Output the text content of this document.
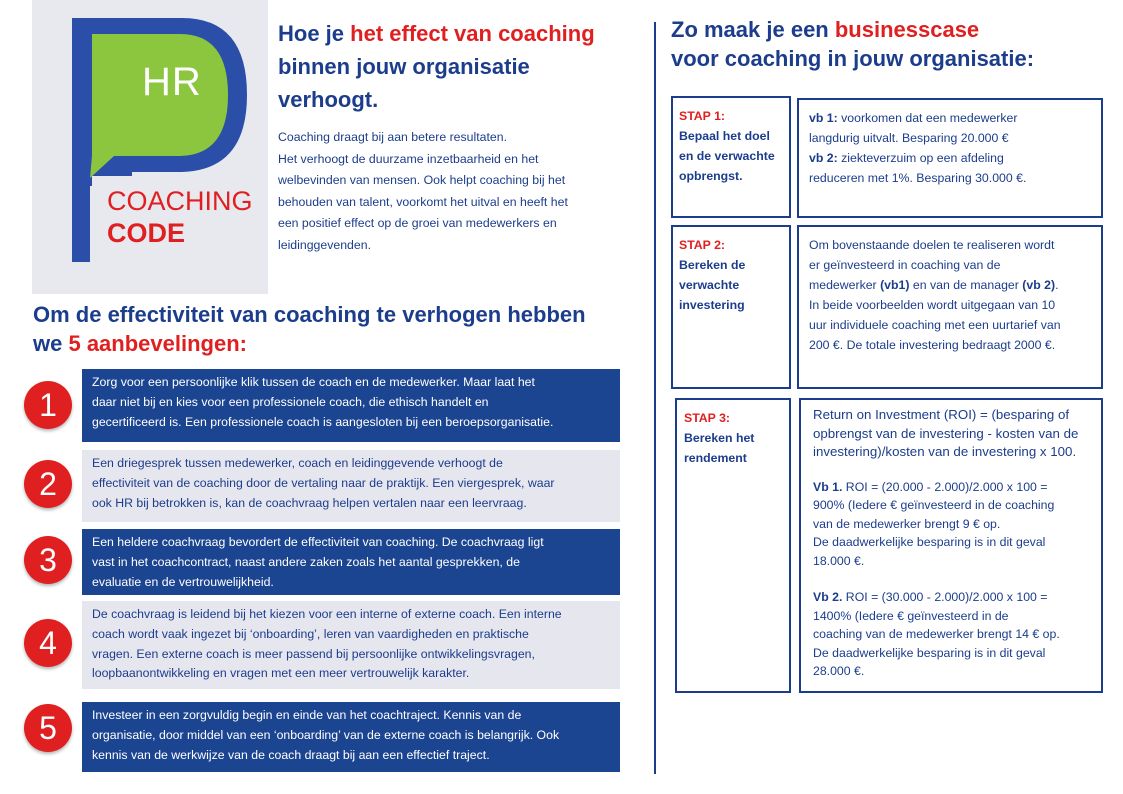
HR
COACHING
CODE
Hoe je het effect van coaching binnen jouw organisatie verhoogt.
Coaching draagt bij aan betere resultaten.
Het verhoogt de duurzame inzetbaarheid en het
welbevinden van mensen. Ook helpt coaching bij het
behouden van talent, voorkomt het uitval en heeft het
een positief effect op de groei van medewerkers en
leidinggevenden.
Om de effectiviteit van coaching te verhogen hebben we 5 aanbevelingen:
1
Zorg voor een persoonlijke klik tussen de coach en de medewerker. Maar laat het
daar niet bij en kies voor een professionele coach, die ethisch handelt en
gecertificeerd is. Een professionele coach is aangesloten bij een beroepsorganisatie.
2
Een driegesprek tussen medewerker, coach en leidinggevende verhoogt de
effectiviteit van de coaching door de vertaling naar de praktijk. Een viergesprek, waar
ook HR bij betrokken is, kan de coachvraag helpen vertalen naar een leervraag.
3	Een heldere coachvraag bevordert de effectiviteit van coaching. De coachvraag ligt
vast in het coachcontract, naast andere zaken zoals het aantal gesprekken, de
evaluatie en de vertrouwelijkheid.
4
De coachvraag is leidend bij het kiezen voor een interne of externe coach. Een interne
coach wordt vaak ingezet bij ‘onboarding’, leren van vaardigheden en praktische
vragen. Een externe coach is meer passend bij persoonlijke ontwikkelingsvragen,
loopbaanontwikkeling en vragen met een meer vertrouwelijk karakter.
5	Investeer in een zorgvuldig begin en einde van het coachtraject. Kennis van de
organisatie, door middel van een ‘onboarding’ van de externe coach is belangrijk. Ook
kennis van de werkwijze van de coach draagt bij aan een effectief traject.
Zo maak je een businesscase
voor coaching in jouw organisatie:
STAP 1:
Bepaal het doel
en de verwachte
opbrengst.
vb 1: voorkomen dat een medewerker
langdurig uitvalt. Besparing 20.000 €
vb 2: ziekteverzuim op een afdeling
reduceren met 1%. Besparing 30.000 €.
STAP 2:
Bereken de
verwachte
investering
Om bovenstaande doelen te realiseren wordt
er geïnvesteerd in coaching van de
medewerker (vb1) en van de manager (vb 2).
In beide voorbeelden wordt uitgegaan van 10
uur individuele coaching met een uurtarief van
200 €. De totale investering bedraagt 2000 €.
STAP 3:
Bereken het
rendement
Return on Investment (ROI) = (besparing of
opbrengst van de investering - kosten van de
investering)/kosten van de investering x 100.
Vb 1. ROI = (20.000 - 2.000)/2.000 x 100 =
900% (Iedere € geïnvesteerd in de coaching
van de medewerker brengt 9 € op.
De daadwerkelijke besparing is in dit geval
18.000 €.
Vb 2. ROI = (30.000 - 2.000)/2.000 x 100 =
1400% (Iedere € geïnvesteerd in de
coaching van de medewerker brengt 14 € op.
De daadwerkelijke besparing is in dit geval
28.000 €.
